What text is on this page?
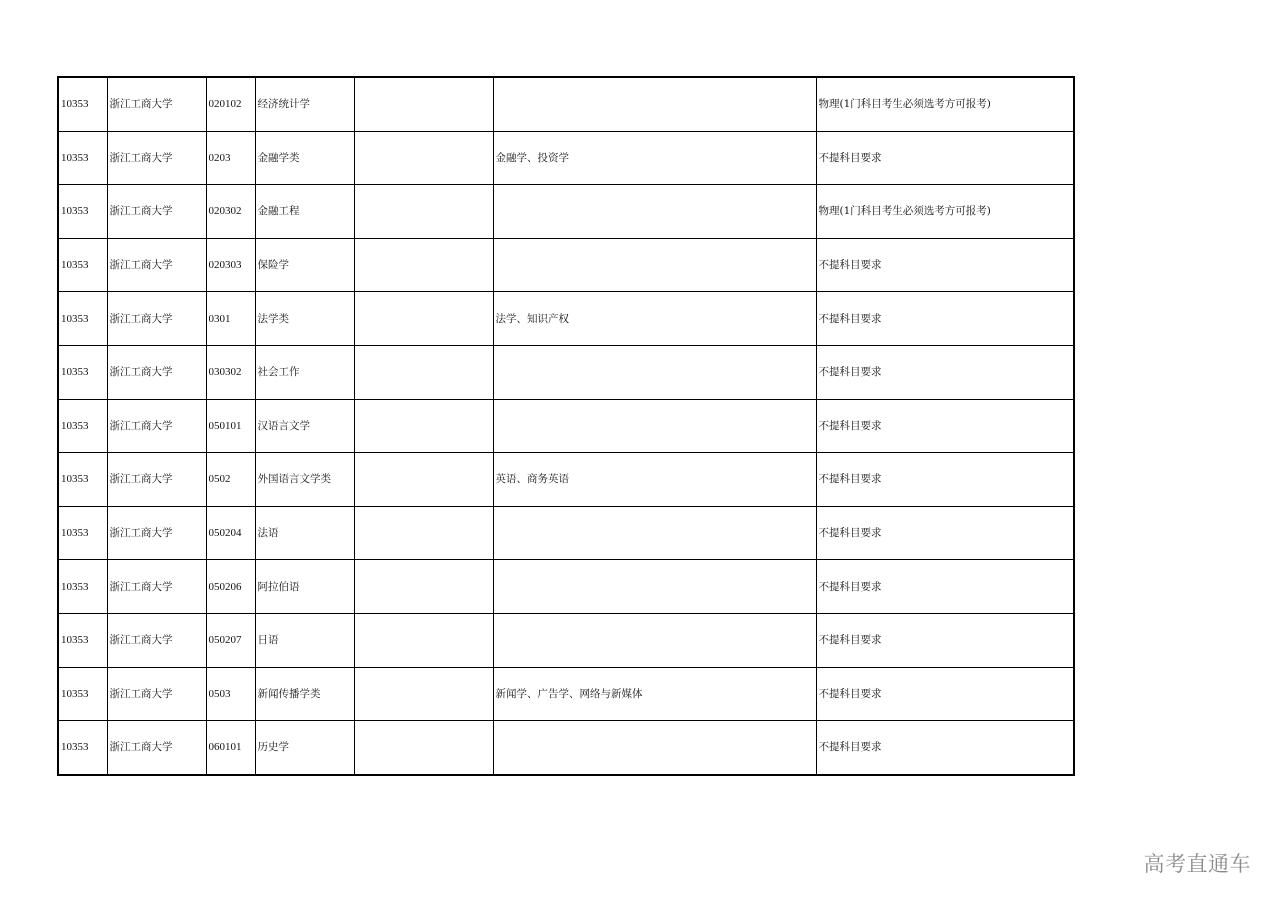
10353	浙江工商大学	020102	经济统计学			物理(1门科目考生必须选考方可报考)
10353	浙江工商大学	0203	金融学类		金融学、投资学	不提科目要求
10353	浙江工商大学	020302	金融工程			物理(1门科目考生必须选考方可报考)
10353	浙江工商大学	020303	保险学			不提科目要求
10353	浙江工商大学	0301	法学类		法学、知识产权	不提科目要求
10353	浙江工商大学	030302	社会工作			不提科目要求
10353	浙江工商大学	050101	汉语言文学			不提科目要求
10353	浙江工商大学	0502	外国语言文学类		英语、商务英语	不提科目要求
10353	浙江工商大学	050204	法语			不提科目要求
10353	浙江工商大学	050206	阿拉伯语			不提科目要求
10353	浙江工商大学	050207	日语			不提科目要求
10353	浙江工商大学	0503	新闻传播学类		新闻学、广告学、网络与新媒体	不提科目要求
10353	浙江工商大学	060101	历史学			不提科目要求
高考直通车
